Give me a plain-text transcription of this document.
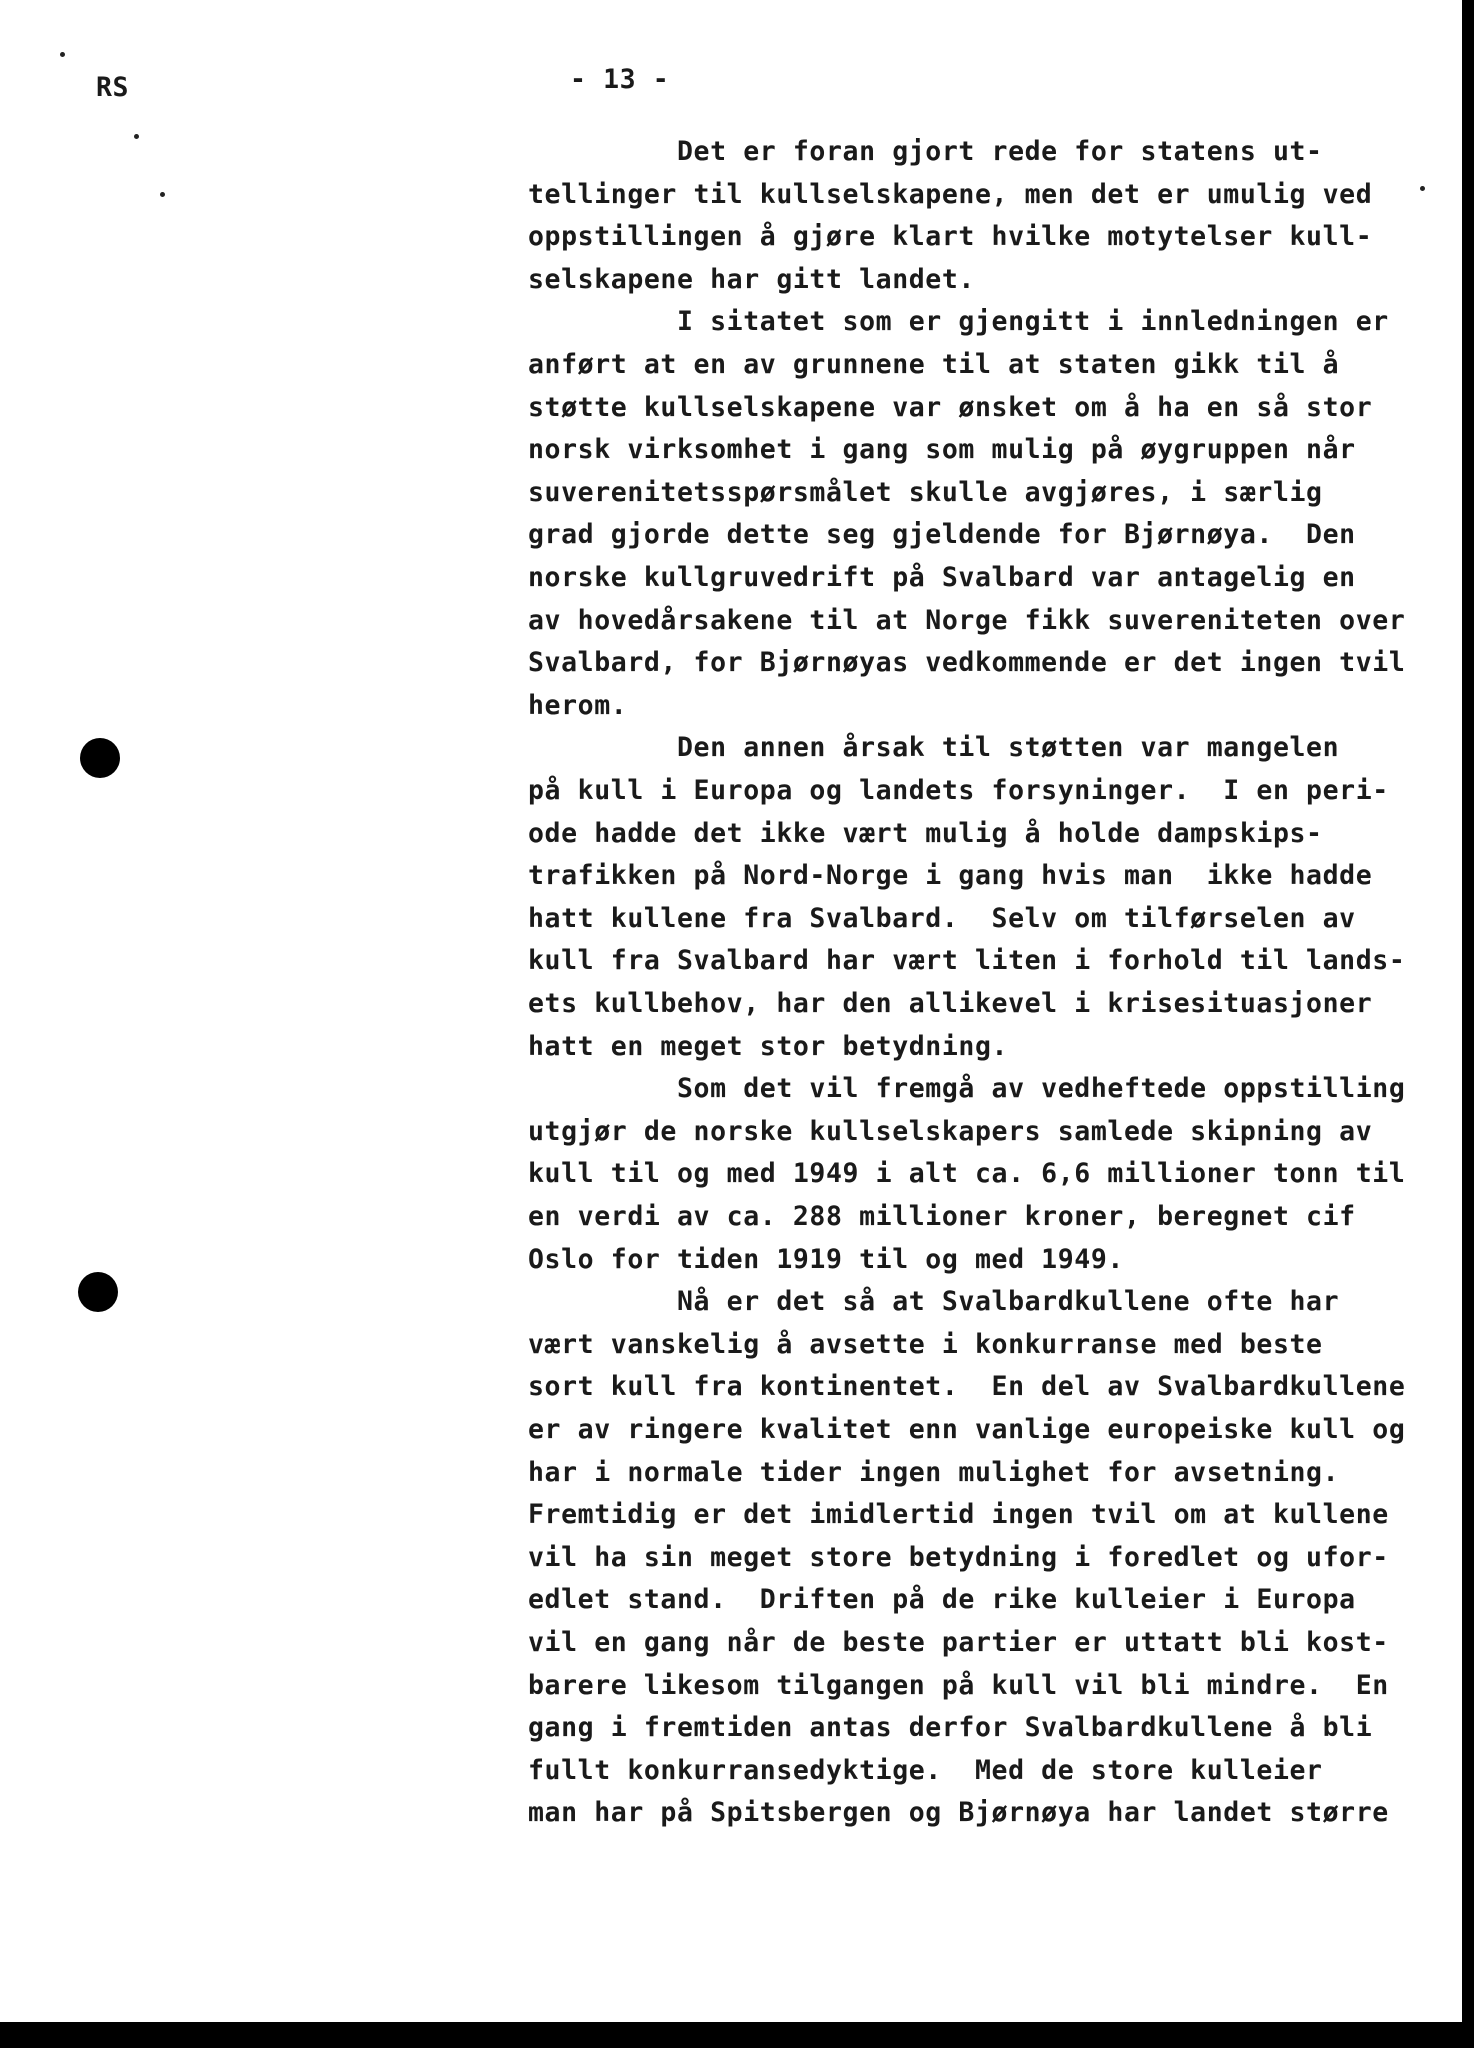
RS	- 13 -

Det er foran gjort rede for statens ut-

tellinger til kullselskapene, men det er umulig ved

oppstillingen å gjøre klart hvilke motytelser kull-

selskapene har gitt landet.

I sitatet som er gjengitt i innledningen er

anført at en av grunnene til at staten gikk til å

støtte kullselskapene var ønsket om å ha en så stor

norsk virksomhet i gang som mulig på øygruppen når

suverenitetsspørsmålet skulle avgjøres, i særlig

grad gjorde dette seg gjeldende for Bjørnøya.  Den

norske kullgruvedrift på Svalbard var antagelig en

av hovedårsakene til at Norge fikk suvereniteten over

Svalbard, for Bjørnøyas vedkommende er det ingen tvil

herom.

Den annen årsak til støtten var mangelen

på kull i Europa og landets forsyninger.  I en peri-

ode hadde det ikke vært mulig å holde dampskips-

trafikken på Nord-Norge i gang hvis man  ikke hadde

hatt kullene fra Svalbard.  Selv om tilførselen av

kull fra Svalbard har vært liten i forhold til lands-

ets kullbehov, har den allikevel i krisesituasjoner

hatt en meget stor betydning.

Som det vil fremgå av vedheftede oppstilling

utgjør de norske kullselskapers samlede skipning av

kull til og med 1949 i alt ca. 6,6 millioner tonn til

en verdi av ca. 288 millioner kroner, beregnet cif

Oslo for tiden 1919 til og med 1949.

Nå er det så at Svalbardkullene ofte har

vært vanskelig å avsette i konkurranse med beste

sort kull fra kontinentet.  En del av Svalbardkullene

er av ringere kvalitet enn vanlige europeiske kull og

har i normale tider ingen mulighet for avsetning.

Fremtidig er det imidlertid ingen tvil om at kullene

vil ha sin meget store betydning i foredlet og ufor-

edlet stand.  Driften på de rike kulleier i Europa

vil en gang når de beste partier er uttatt bli kost-

barere likesom tilgangen på kull vil bli mindre.  En

gang i fremtiden antas derfor Svalbardkullene å bli

fullt konkurransedyktige.  Med de store kulleier

man har på Spitsbergen og Bjørnøya har landet større
